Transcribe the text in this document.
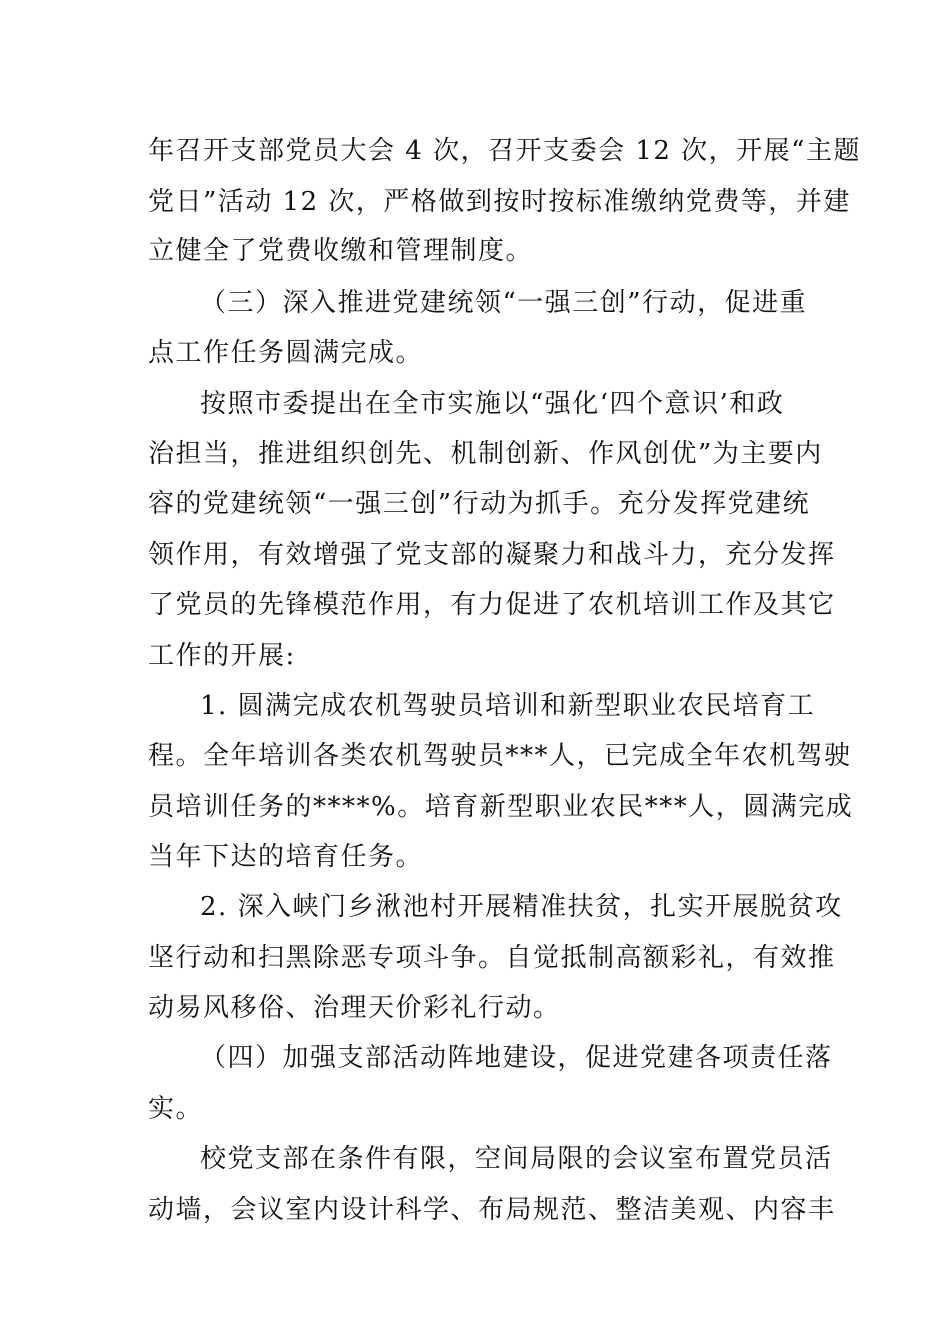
年召开支部党员大会 4 次，召开支委会 12 次，开展“主题
党日”活动 12 次，严格做到按时按标准缴纳党费等，并建
立健全了党费收缴和管理制度。
（三）深入推进党建统领“一强三创”行动，促进重
点工作任务圆满完成。
按照市委提出在全市实施以“强化‘四个意识’和政
治担当，推进组织创先、机制创新、作风创优”为主要内
容的党建统领“一强三创”行动为抓手。充分发挥党建统
领作用，有效增强了党支部的凝聚力和战斗力，充分发挥
了党员的先锋模范作用，有力促进了农机培训工作及其它
工作的开展:
1. 圆满完成农机驾驶员培训和新型职业农民培育工
程。全年培训各类农机驾驶员***人，已完成全年农机驾驶
员培训任务的****%。培育新型职业农民***人，圆满完成
当年下达的培育任务。
2. 深入峡门乡湫池村开展精准扶贫，扎实开展脱贫攻
坚行动和扫黑除恶专项斗争。自觉抵制高额彩礼，有效推
动易风移俗、治理天价彩礼行动。
（四）加强支部活动阵地建设，促进党建各项责任落
实。
校党支部在条件有限，空间局限的会议室布置党员活
动墙，会议室内设计科学、布局规范、整洁美观、内容丰
